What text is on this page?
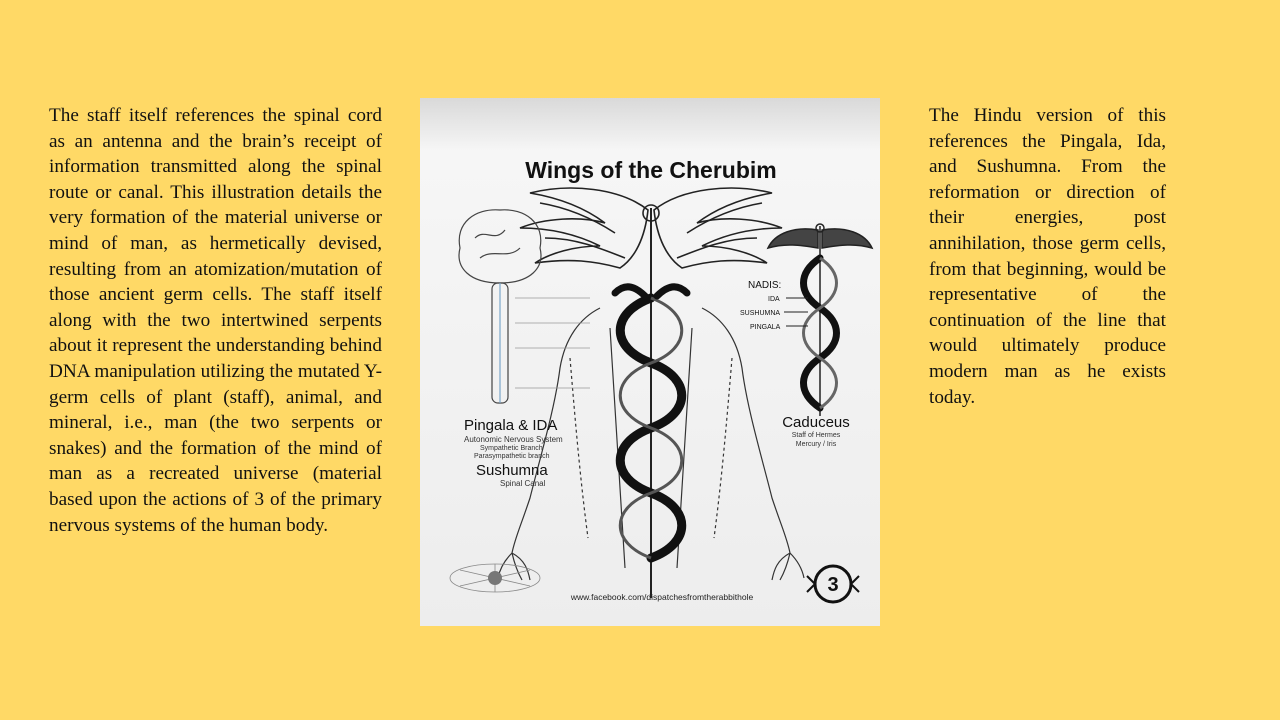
The staff itself references the spinal cord as an antenna and the brain’s receipt of information transmitted along the spinal route or canal. This illustration details the very formation of the material universe or mind of man, as hermetically devised, resulting from an atomization/mutation of those ancient germ cells. The staff itself along with the two intertwined serpents about it represent the understanding behind DNA manipulation utilizing the mutated Y-germ cells of plant (staff), animal, and mineral, i.e., man (the two serpents or snakes) and the formation of the mind of man as a recreated universe (material based upon the actions of 3 of the primary nervous systems of the human body.
Wings of the Cherubim
Pingala & IDA
Autonomic Nervous System
Sympathetic Branch
Parasympathetic branch
Sushumna
Spinal Canal
NADIS:
IDA
SUSHUMNA
PINGALA
Caduceus
Staff of Hermes
Mercury / Iris
3
www.facebook.com/dispatchesfromtherabbithole
The Hindu version of this references the Pingala, Ida, and Sushumna. From the reformation or direction of their energies, post annihilation, those germ cells, from that beginning, would be representative of the continuation of the line that would ultimately produce modern man as he exists today.
